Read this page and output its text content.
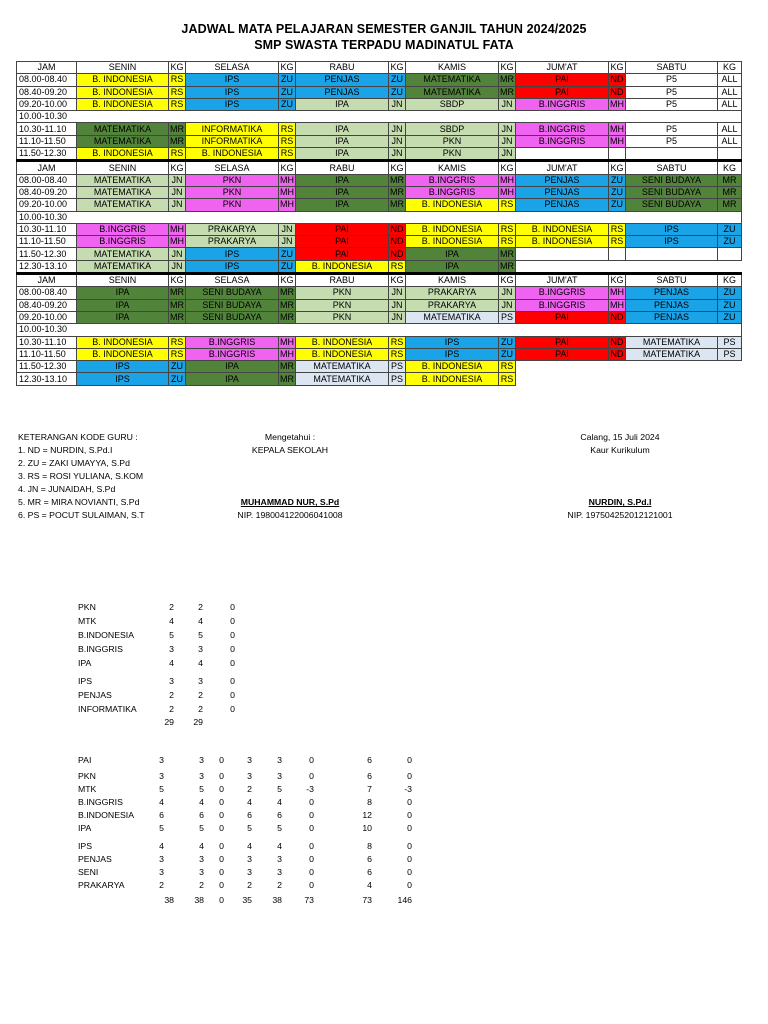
JADWAL MATA PELAJARAN SEMESTER GANJIL TAHUN 2024/2025
SMP SWASTA TERPADU MADINATUL FATA
JAM	SENIN	KG	SELASA	KG	RABU	KG	KAMIS	KG	JUM'AT	KG	SABTU	KG
08.00-08.40	B. INDONESIA	RS	IPS	ZU	PENJAS	ZU	MATEMATIKA	MR	PAI	ND	P5	ALL
08.40-09.20	B. INDONESIA	RS	IPS	ZU	PENJAS	ZU	MATEMATIKA	MR	PAI	ND	P5	ALL
09.20-10.00	B. INDONESIA	RS	IPS	ZU	IPA	JN	SBDP	JN	B.INGGRIS	MH	P5	ALL
10.00-10.30												
10.30-11.10	MATEMATIKA	MR	INFORMATIKA	RS	IPA	JN	SBDP	JN	B.INGGRIS	MH	P5	ALL
11.10-11.50	MATEMATIKA	MR	INFORMATIKA	RS	IPA	JN	PKN	JN	B.INGGRIS	MH	P5	ALL
11.50-12.30	B. INDONESIA	RS	B. INDONESIA	RS	IPA	JN	PKN	JN				
JAM	SENIN	KG	SELASA	KG	RABU	KG	KAMIS	KG	JUM'AT	KG	SABTU	KG
08.00-08.40	MATEMATIKA	JN	PKN	MH	IPA	MR	B.INGGRIS	MH	PENJAS	ZU	SENI BUDAYA	MR
08.40-09.20	MATEMATIKA	JN	PKN	MH	IPA	MR	B.INGGRIS	MH	PENJAS	ZU	SENI BUDAYA	MR
09.20-10.00	MATEMATIKA	JN	PKN	MH	IPA	MR	B. INDONESIA	RS	PENJAS	ZU	SENI BUDAYA	MR
10.00-10.30												
10.30-11.10	B.INGGRIS	MH	PRAKARYA	JN	PAI	ND	B. INDONESIA	RS	B. INDONESIA	RS	IPS	ZU
11.10-11.50	B.INGGRIS	MH	PRAKARYA	JN	PAI	ND	B. INDONESIA	RS	B. INDONESIA	RS	IPS	ZU
11.50-12.30	MATEMATIKA	JN	IPS	ZU	PAI	ND	IPA	MR				
12.30-13.10	MATEMATIKA	JN	IPS	ZU	B. INDONESIA	RS	IPA	MR				
JAM	SENIN	KG	SELASA	KG	RABU	KG	KAMIS	KG	JUM'AT	KG	SABTU	KG
08.00-08.40	IPA	MR	SENI BUDAYA	MR	PKN	JN	PRAKARYA	JN	B.INGGRIS	MH	PENJAS	ZU
08.40-09.20	IPA	MR	SENI BUDAYA	MR	PKN	JN	PRAKARYA	JN	B.INGGRIS	MH	PENJAS	ZU
09.20-10.00	IPA	MR	SENI BUDAYA	MR	PKN	JN	MATEMATIKA	PS	PAI	ND	PENJAS	ZU
10.00-10.30												
10.30-11.10	B. INDONESIA	RS	B.INGGRIS	MH	B. INDONESIA	RS	IPS	ZU	PAI	ND	MATEMATIKA	PS
11.10-11.50	B. INDONESIA	RS	B.INGGRIS	MH	B. INDONESIA	RS	IPS	ZU	PAI	ND	MATEMATIKA	PS
11.50-12.30	IPS	ZU	IPA	MR	MATEMATIKA	PS	B. INDONESIA	RS				
12.30-13.10	IPS	ZU	IPA	MR	MATEMATIKA	PS	B. INDONESIA	RS				
KETERANGAN KODE GURU :
1. ND = NURDIN, S.Pd.I
2. ZU = ZAKI UMAYYA, S.Pd
3. RS = ROSI YULIANA, S.KOM
4. JN = JUNAIDAH, S.Pd
5. MR = MIRA NOVIANTI, S.Pd
6. PS = POCUT SULAIMAN, S.T
Mengetahui :
KEPALA SEKOLAH
MUHAMMAD NUR, S.Pd
NIP. 198004122006041008
Calang, 15 Juli 2024
Kaur Kurikulum
NURDIN, S.Pd.I
NIP. 197504252012121001
PKN	2	2	0
MTK	4	4	0
B.INDONESIA	5	5	0
B.INGGRIS	3	3	0
IPA	4	4	0
IPS	3	3	0
PENJAS	2	2	0
INFORMATIKA	2	2	0
29	29
PAI	3	3	0	3	3	0	6	0
PKN	3	3	0	3	3	0	6	0
MTK	5	5	0	2	5	-3	7	-3
B.INGGRIS	4	4	0	4	4	0	8	0
B.INDONESIA	6	6	0	6	6	0	12	0
IPA	5	5	0	5	5	0	10	0
IPS	4	4	0	4	4	0	8	0
PENJAS	3	3	0	3	3	0	6	0
SENI	3	3	0	3	3	0	6	0
PRAKARYA	2	2	0	2	2	0	4	0
38	38	0	35	38	73	73	146
